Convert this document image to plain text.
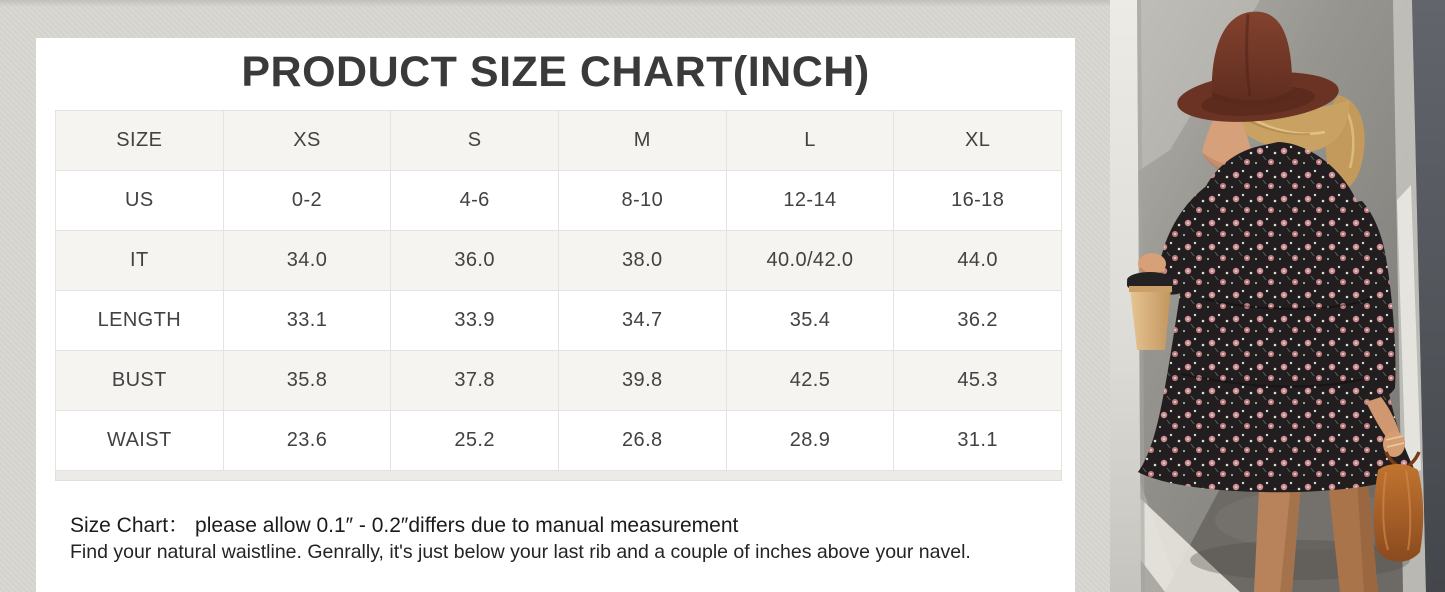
PRODUCT SIZE CHART(INCH)
SIZE	XS	S	M	L	XL
US	0-2	4-6	8-10	12-14	16-18
IT	34.0	36.0	38.0	40.0/42.0	44.0
LENGTH	33.1	33.9	34.7	35.4	36.2
BUST	35.8	37.8	39.8	42.5	45.3
WAIST	23.6	25.2	26.8	28.9	31.1

Size Chart： please allow 0.1″ - 0.2″differs due to manual measurement

Find your natural waistline. Genrally, it's just below your last rib and a couple of inches above your navel.
